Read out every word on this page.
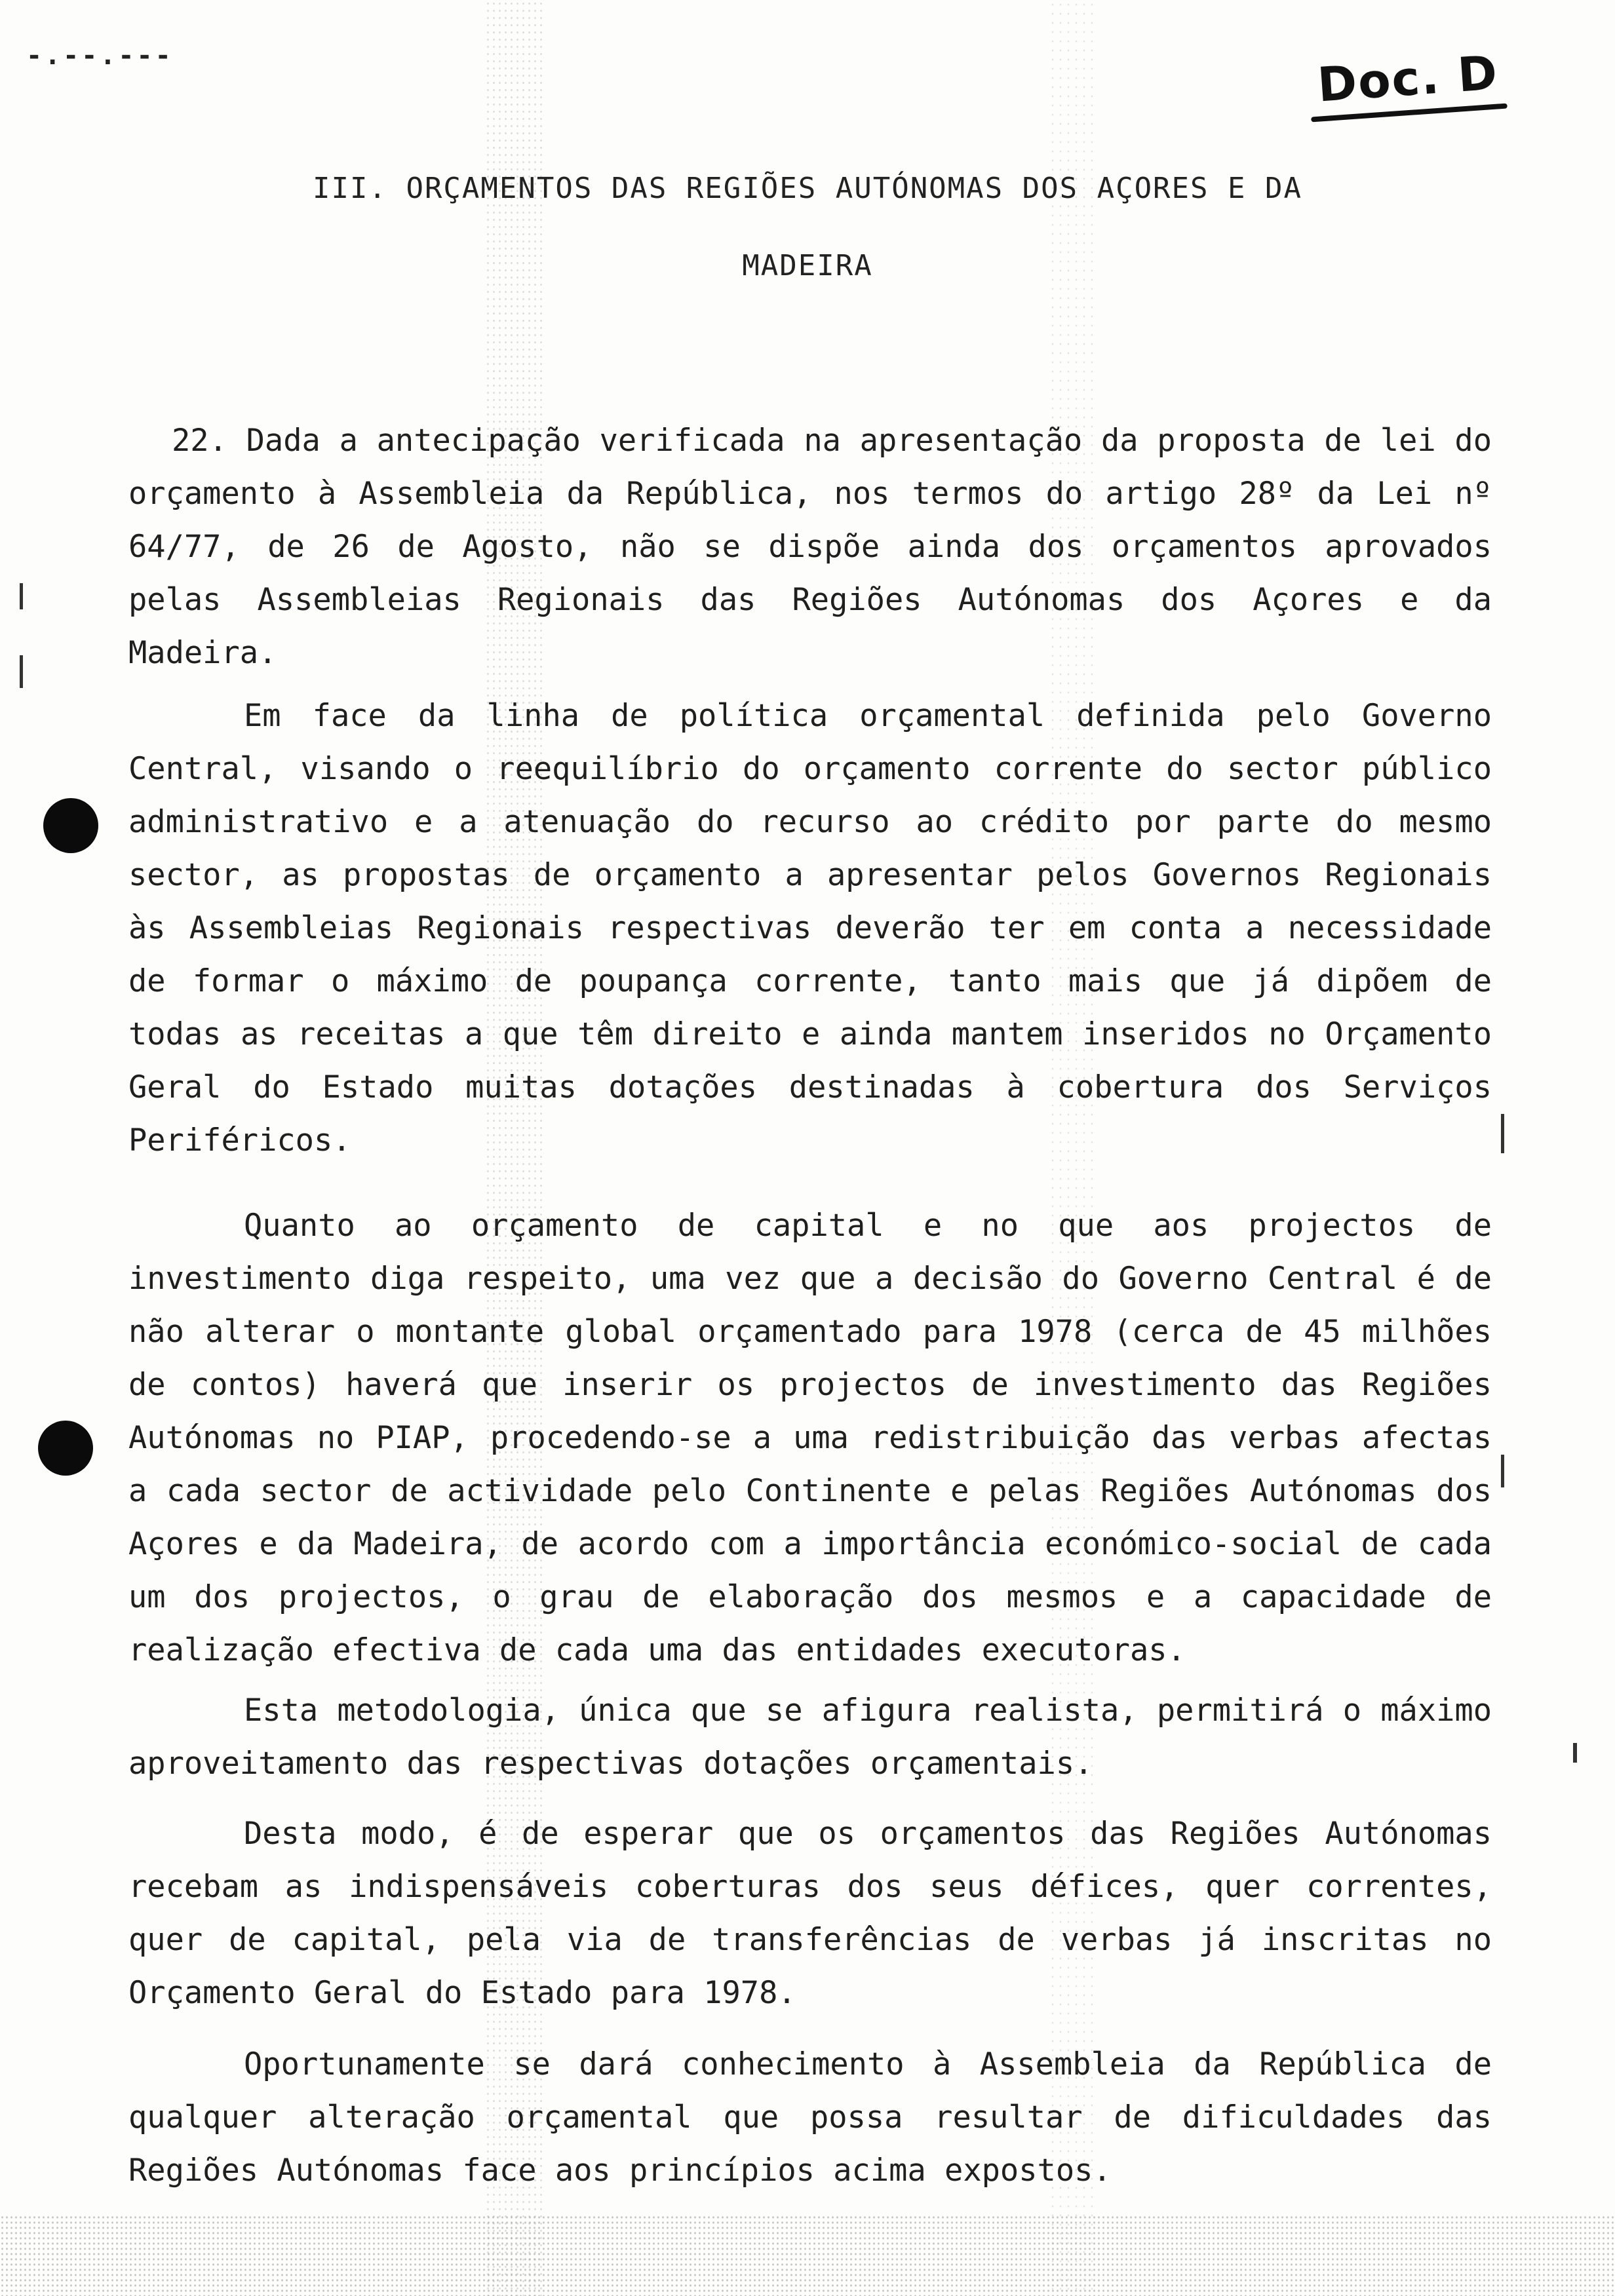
-.--.-‑-	Doc. D
III. ORÇAMENTOS DAS REGIÕES AUTÓNOMAS DOS AÇORES E DA
MADEIRA

22. Dada a antecipação verificada na apresentação da proposta de lei do orçamento à Assembleia da República, nos termos do artigo 28º da Lei nº 64/77, de 26 de Agosto, não se dispõe ainda dos orçamentos aprovados pelas Assembleias Regionais das Regiões Autónomas dos Açores e da Madeira.

Em face da linha de política orçamental definida pelo Governo Central, visando o reequilíbrio do orçamento corrente do sector público administrativo e a atenuação do recurso ao crédito por parte do mesmo sector, as propostas de orçamento a apresentar pelos Governos Regionais às Assembleias Regionais respectivas deverão ter em conta a necessidade de formar o máximo de poupança corrente, tanto mais que já dipõem de todas as receitas a que têm direito e ainda mantem inseridos no Orçamento Geral do Estado muitas dotações destinadas à cobertura dos Serviços Periféricos.

Quanto ao orçamento de capital e no que aos projectos de investimento diga respeito, uma vez que a decisão do Governo Central é de não alterar o montante global orçamentado para 1978 (cerca de 45 milhões de contos) haverá que inserir os projectos de investimento das Regiões Autónomas no PIAP, procedendo-se a uma redistribuição das verbas afectas a cada sector de actividade pelo Continente e pelas Regiões Autónomas dos Açores e da Madeira, de acordo com a importância económico-social de cada um dos projectos, o grau de elaboração dos mesmos e a capacidade de realização efectiva de cada uma das entidades executoras.

Esta metodologia, única que se afigura realista, permitirá o máximo aproveitamento das respectivas dotações orçamentais.

Desta modo, é de esperar que os orçamentos das Regiões Autónomas recebam as indispensáveis coberturas dos seus défices, quer correntes, quer de capital, pela via de transferências de verbas já inscritas no Orçamento Geral do Estado para 1978.

Oportunamente se dará conhecimento à Assembleia da República de qualquer alteração orçamental que possa resultar de dificuldades das Regiões Autónomas face aos princípios acima expostos.
